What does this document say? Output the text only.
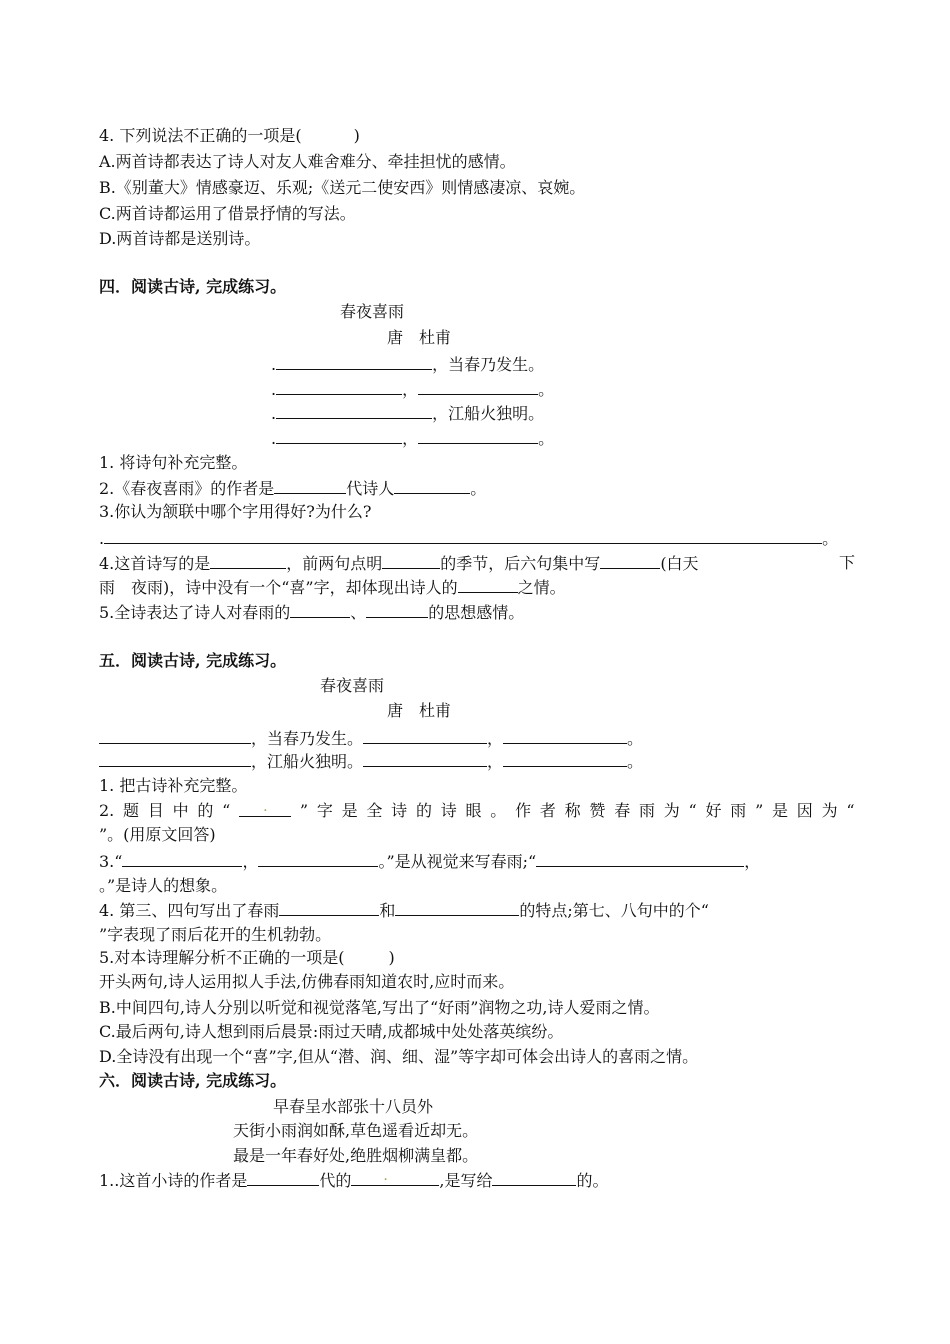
4. 下列说法不正确的一项是(	)
A.两首诗都表达了诗人对友人难舍难分、牵挂担忧的感情。
B.《别董大》情感豪迈、乐观;《送元二使安西》则情感凄凉、哀婉。
C.两首诗都运用了借景抒情的写法。
D.两首诗都是送别诗。
四．阅读古诗, 完成练习。
春夜喜雨
唐　杜甫
.	，当春乃发生。
.	，	。
.	，江船火独明。
.	，	。
1. 将诗句补充完整。
2.《春夜喜雨》的作者是	代诗人	。
3.你认为颔联中哪个字用得好?为什么?
.	。
4.这首诗写的是	，前两句点明	的季节，后六句集中写	(白天	下
雨　夜雨)，诗中没有一个“喜”字，却体现出诗人的	之情。
5.全诗表达了诗人对春雨的	、	的思想感情。
五．阅读古诗, 完成练习。
春夜喜雨
唐　杜甫
，当春乃发生。	，	。
，江船火独明。	，	。
1. 把古诗补充完整。
2. 题 目 中 的 “ . ” 字 是 全 诗 的 诗 眼 。 作 者 称 赞 春 雨 为 “ 好 雨 ” 是 因 为 “
”。(用原文回答)
3.“	，	。”是从视觉来写春雨;“	，
。”是诗人的想象。
4. 第三、四句写出了春雨	和	的特点;第七、八句中的个“
”字表现了雨后花开的生机勃勃。
5.对本诗理解分析不正确的一项是(	)
开头两句,诗人运用拟人手法,仿佛春雨知道农时,应时而来。
B.中间四句,诗人分别以听觉和视觉落笔,写出了“好雨”润物之功,诗人爱雨之情。
C.最后两句,诗人想到雨后晨景:雨过天晴,成都城中处处落英缤纷。
D.全诗没有出现一个“喜”字,但从“潜、润、细、湿”等字却可体会出诗人的喜雨之情。
六．阅读古诗, 完成练习。
早春呈水部张十八员外
天街小雨润如酥,草色遥看近却无。
最是一年春好处,绝胜烟柳满皇都。
1..这首小诗的作者是	代的 .	,是写给	的。
